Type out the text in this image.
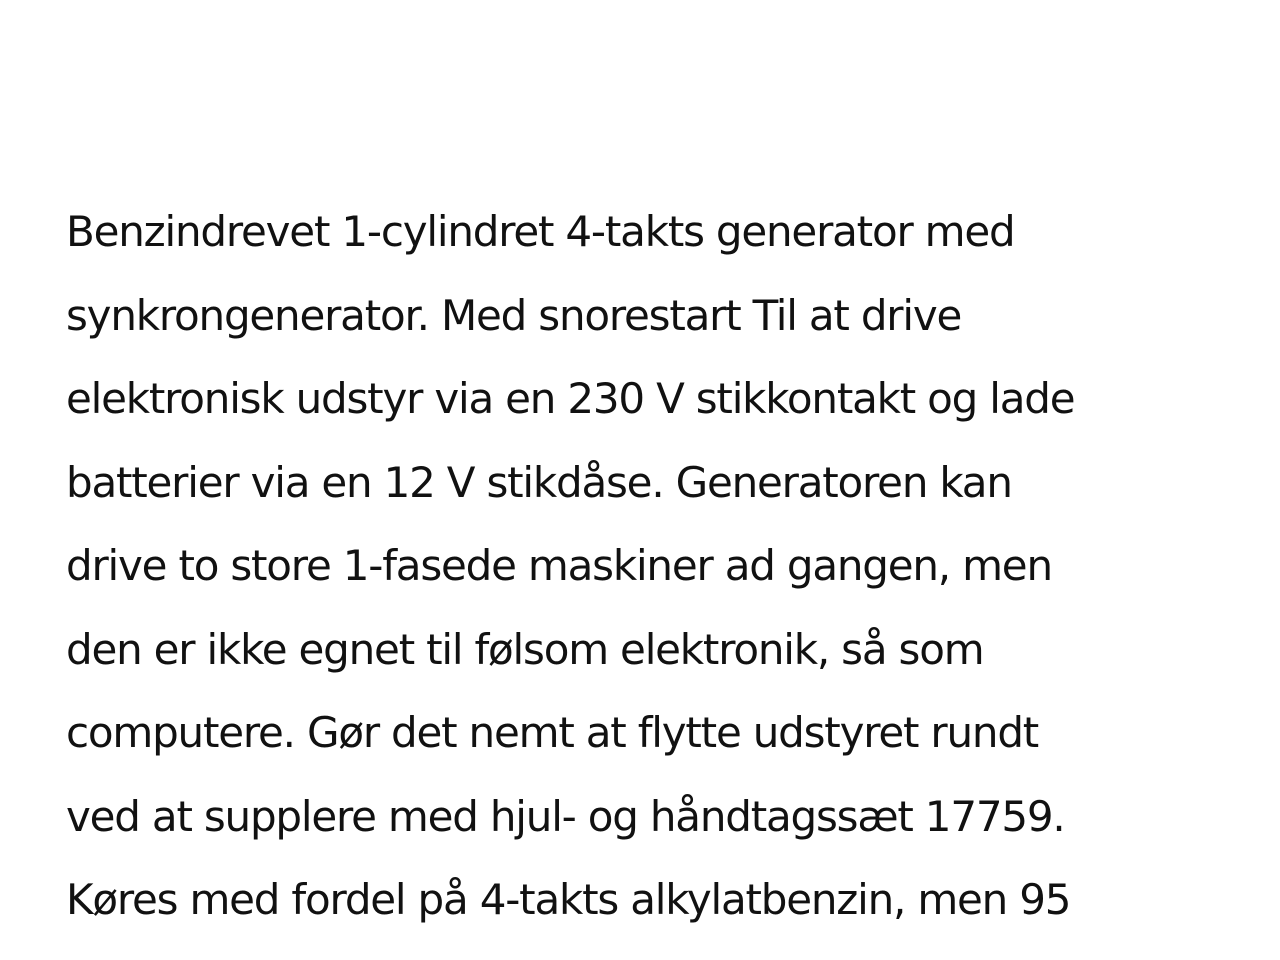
Benzindrevet 1-cylindret 4-takts generator med
synkrongenerator. Med snorestart Til at drive
elektronisk udstyr via en 230 V stikkontakt og lade
batterier via en 12 V stikdåse. Generatoren kan
drive to store 1-fasede maskiner ad gangen, men
den er ikke egnet til følsom elektronik, så som
computere. Gør det nemt at flytte udstyret rundt
ved at supplere med hjul- og håndtagssæt 17759.
Køres med fordel på 4-takts alkylatbenzin, men 95
